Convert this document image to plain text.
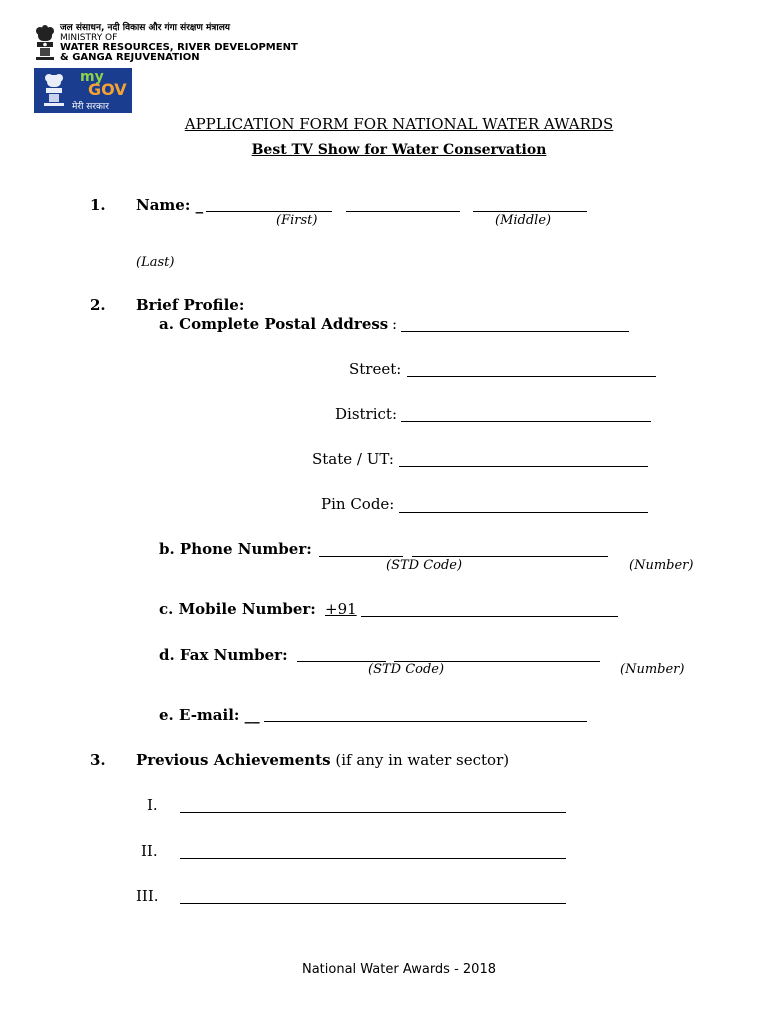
जल संसाधन, नदी विकास और गंगा संरक्षण मंत्रालय
MINISTRY OF
WATER RESOURCES, RIVER DEVELOPMENT
& GANGA REJUVENATION
my
GOV
मेरी सरकार
APPLICATION FORM FOR NATIONAL WATER AWARDS
Best TV Show for Water Conservation
1. Name: _
(First)	(Middle)
(Last)
2. Brief Profile:
a. Complete Postal Address :
Street:
District:
State / UT:
Pin Code:
b. Phone Number:
(STD Code)	(Number)
c. Mobile Number: +91
d. Fax Number:
(STD Code)	(Number)
e. E-mail: __
3. Previous Achievements (if any in water sector)
I.
II.
III.
National Water Awards - 2018
